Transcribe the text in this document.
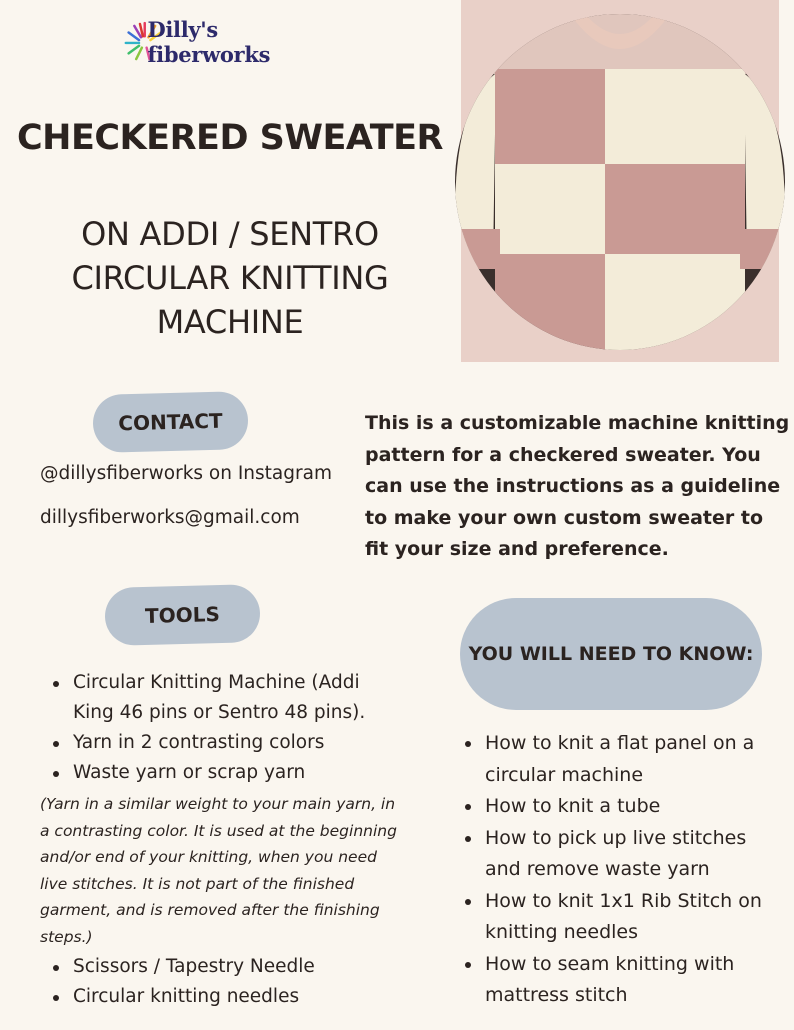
Dilly's fiberworks
CHECKERED SWEATER
ON ADDI / SENTRO
CIRCULAR KNITTING
MACHINE
CONTACT
@dillysfiberworks on Instagram
dillysfiberworks@gmail.com
This is a customizable machine knitting pattern for a checkered sweater. You can use the instructions as a guideline to make your own custom sweater to fit your size and preference.
TOOLS
Circular Knitting Machine (Addi King 46 pins or Sentro 48 pins).
Yarn in 2 contrasting colors
Waste yarn or scrap yarn
(Yarn in a similar weight to your main yarn, in a contrasting color. It is used at the beginning and/or end of your knitting, when you need live stitches. It is not part of the finished garment, and is removed after the finishing steps.)
Scissors / Tapestry Needle
Circular knitting needles
YOU WILL NEED TO KNOW:
How to knit a flat panel on a circular machine
How to knit a tube
How to pick up live stitches and remove waste yarn
How to knit 1x1 Rib Stitch on knitting needles
How to seam knitting with mattress stitch
